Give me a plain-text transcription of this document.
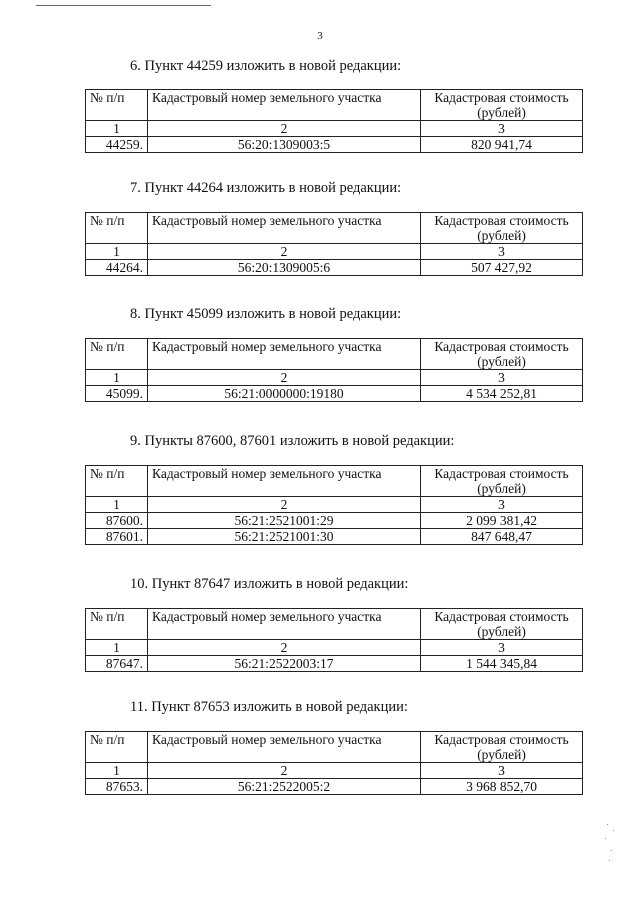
3
6. Пункт 44259 изложить в новой редакции:
№ п/п	Кадастровый номер земельного участка	Кадастровая стоимость (рублей)
1	2	3
44259.	56:20:1309003:5	820 941,74
7. Пункт 44264 изложить в новой редакции:
№ п/п	Кадастровый номер земельного участка	Кадастровая стоимость (рублей)
1	2	3
44264.	56:20:1309005:6	507 427,92
8. Пункт 45099 изложить в новой редакции:
№ п/п	Кадастровый номер земельного участка	Кадастровая стоимость (рублей)
1	2	3
45099.	56:21:0000000:19180	4 534 252,81
9. Пункты 87600, 87601 изложить в новой редакции:
№ п/п	Кадастровый номер земельного участка	Кадастровая стоимость (рублей)
1	2	3
87600.	56:21:2521001:29	2 099 381,42
87601.	56:21:2521001:30	847 648,47
10. Пункт 87647 изложить в новой редакции:
№ п/п	Кадастровый номер земельного участка	Кадастровая стоимость (рублей)
1	2	3
87647.	56:21:2522003:17	1 544 345,84
11. Пункт 87653 изложить в новой редакции:
№ п/п	Кадастровый номер земельного участка	Кадастровая стоимость (рублей)
1	2	3
87653.	56:21:2522005:2	3 968 852,70
